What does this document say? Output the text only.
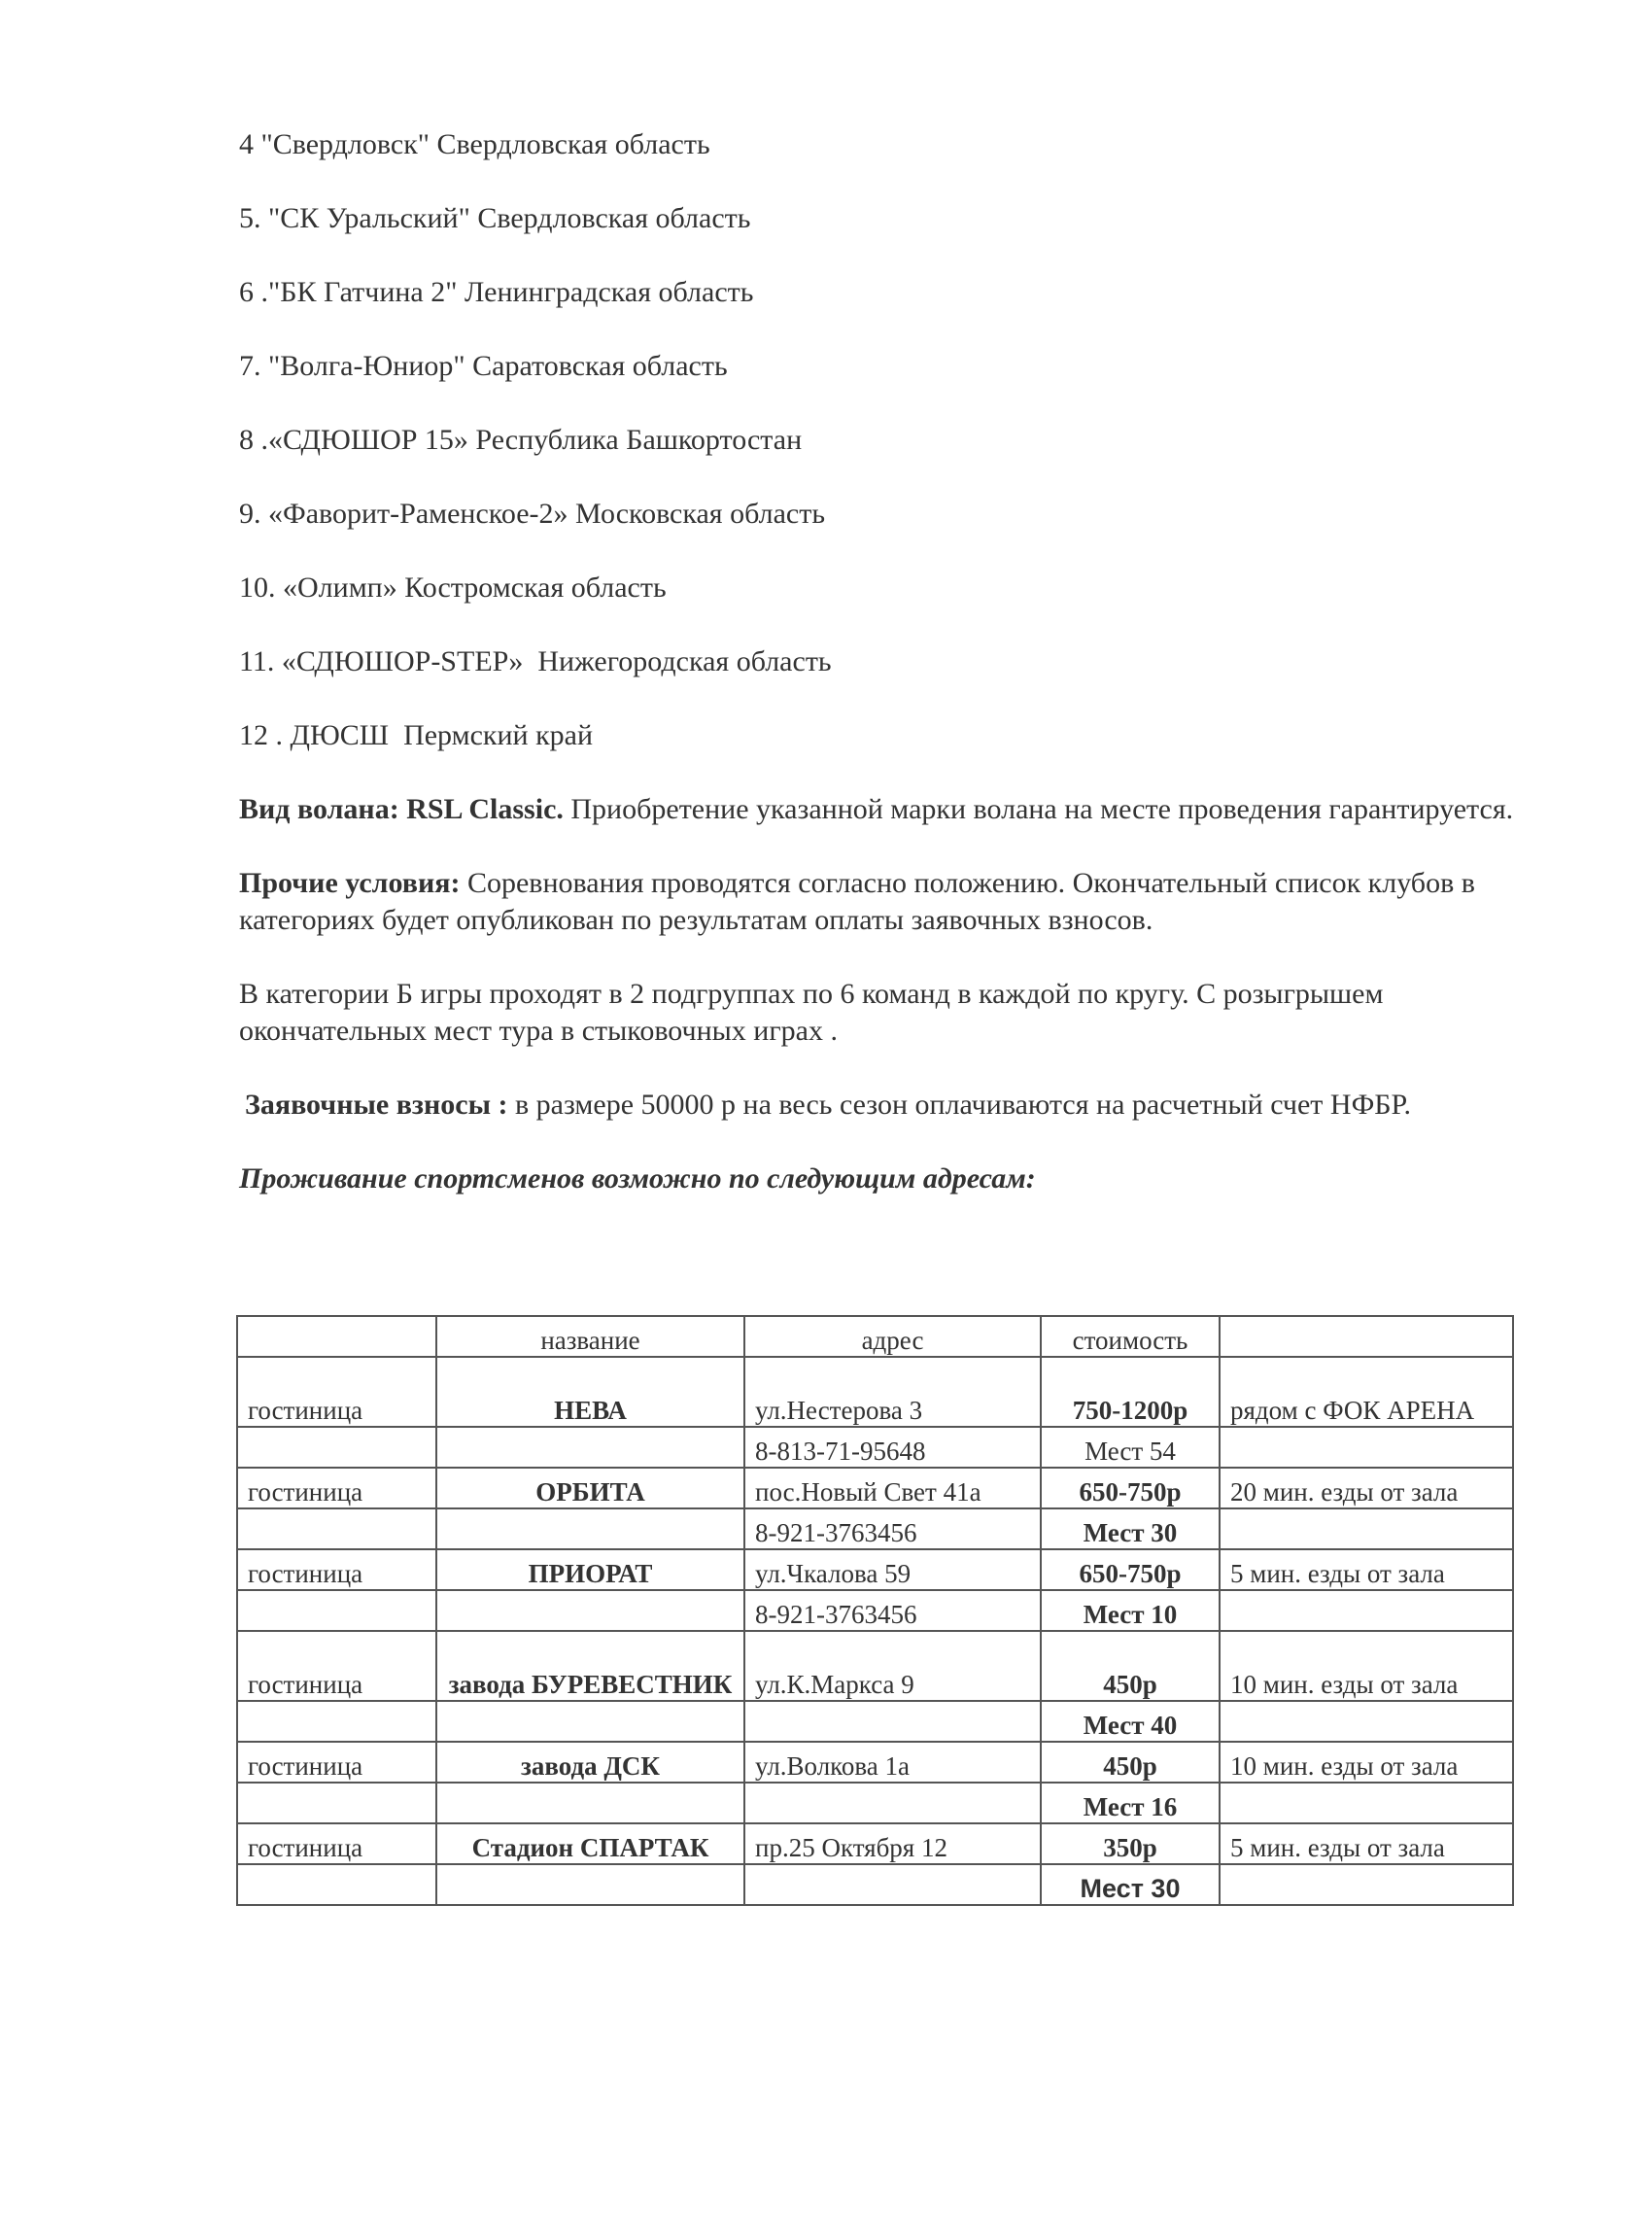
4 "Свердловск" Свердловская область
5. "СК Уральский" Свердловская область
6 ."БК Гатчина 2" Ленинградская область
7. "Волга-Юниор" Саратовская область
8 .«СДЮШОР 15» Республика Башкортостан
9. «Фаворит-Раменское-2» Московская область
10. «Олимп» Костромская область
11. «СДЮШОР-STEP»  Нижегородская область
12 . ДЮСШ  Пермский край
Вид волана: RSL Classic. Приобретение указанной марки волана на месте проведения гарантируется.
Прочие условия: Соревнования проводятся согласно положению. Окончательный список клубов в категориях будет опубликован по результатам оплаты заявочных взносов.
В категории Б игры проходят в 2 подгруппах по 6 команд в каждой по кругу. С розыгрышем окончательных мест тура в стыковочных играх .
Заявочные взносы : в размере 50000 р на весь сезон оплачиваются на расчетный счет НФБР.
Проживание спортсменов возможно по следующим адресам:
	название	адрес	стоимость	
гостиница	НЕВА	ул.Нестерова 3	750-1200р	рядом с ФОК АРЕНА
		8-813-71-95648	Мест 54	
гостиница	ОРБИТА	пос.Новый Свет 41а	650-750р	20 мин. езды от зала
		8-921-3763456	Мест 30	
гостиница	ПРИОРАТ	ул.Чкалова 59	650-750р	5 мин. езды от зала
		8-921-3763456	Мест 10	
гостиница	завода БУРЕВЕСТНИК	ул.К.Маркса 9	450р	10 мин. езды от зала
			Мест 40	
гостиница	завода ДСК	ул.Волкова 1а	450р	10 мин. езды от зала
			Мест 16	
гостиница	Стадион СПАРТАК	пр.25 Октября 12	350р	5 мин. езды от зала
			Мест 30	
